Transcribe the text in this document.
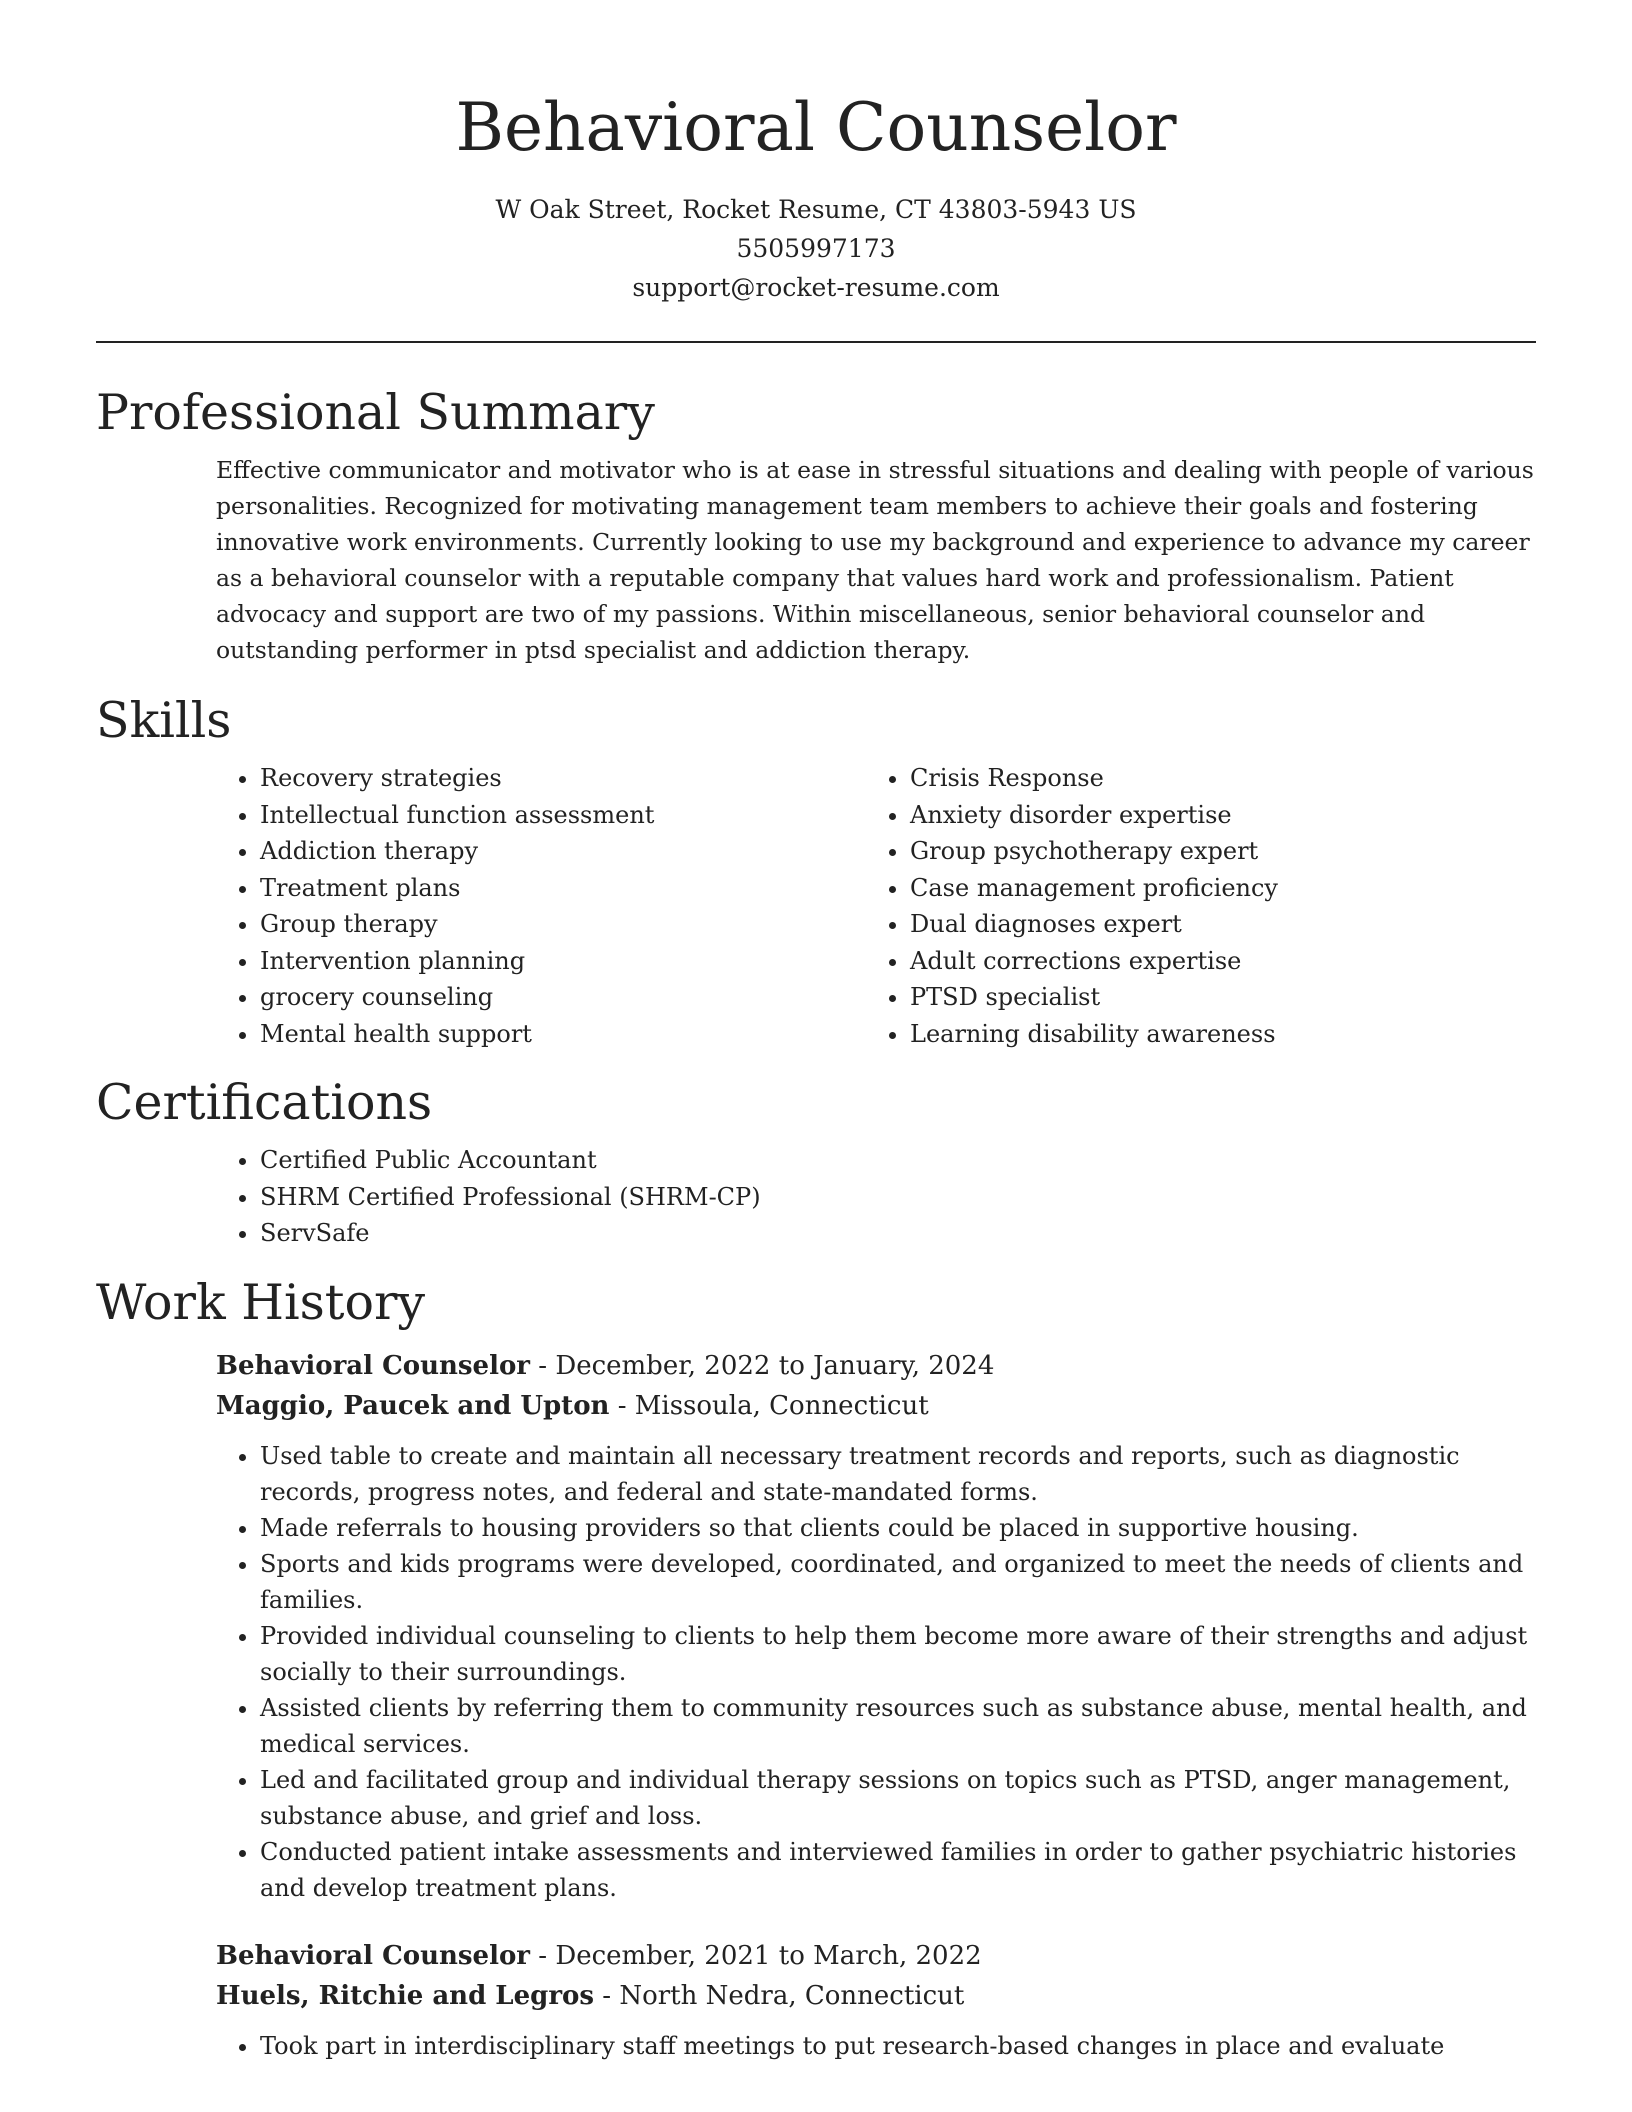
Behavioral Counselor
W Oak Street, Rocket Resume, CT 43803-5943 US
5505997173
support@rocket-resume.com
Professional Summary

Effective communicator and motivator who is at ease in stressful situations and dealing with people of various personalities. Recognized for motivating management team members to achieve their goals and fostering innovative work environments. Currently looking to use my background and experience to advance my career as a behavioral counselor with a reputable company that values hard work and professionalism. Patient advocacy and support are two of my passions. Within miscellaneous, senior behavioral counselor and outstanding performer in ptsd specialist and addiction therapy.

Skills
• Recovery strategies
• Intellectual function assessment
• Addiction therapy
• Treatment plans
• Group therapy
• Intervention planning
• grocery counseling
• Mental health support
• Crisis Response
• Anxiety disorder expertise
• Group psychotherapy expert
• Case management proficiency
• Dual diagnoses expert
• Adult corrections expertise
• PTSD specialist
• Learning disability awareness
Certifications
• Certified Public Accountant
• SHRM Certified Professional (SHRM-CP)
• ServSafe
Work History
Behavioral Counselor - December, 2022 to January, 2024
Maggio, Paucek and Upton - Missoula, Connecticut
• Used table to create and maintain all necessary treatment records and reports, such as diagnostic records, progress notes, and federal and state-mandated forms.
• Made referrals to housing providers so that clients could be placed in supportive housing.
• Sports and kids programs were developed, coordinated, and organized to meet the needs of clients and families.
• Provided individual counseling to clients to help them become more aware of their strengths and adjust socially to their surroundings.
• Assisted clients by referring them to community resources such as substance abuse, mental health, and medical services.
• Led and facilitated group and individual therapy sessions on topics such as PTSD, anger management, substance abuse, and grief and loss.
• Conducted patient intake assessments and interviewed families in order to gather psychiatric histories and develop treatment plans.
Behavioral Counselor - December, 2021 to March, 2022
Huels, Ritchie and Legros - North Nedra, Connecticut
• Took part in interdisciplinary staff meetings to put research-based changes in place and evaluate
